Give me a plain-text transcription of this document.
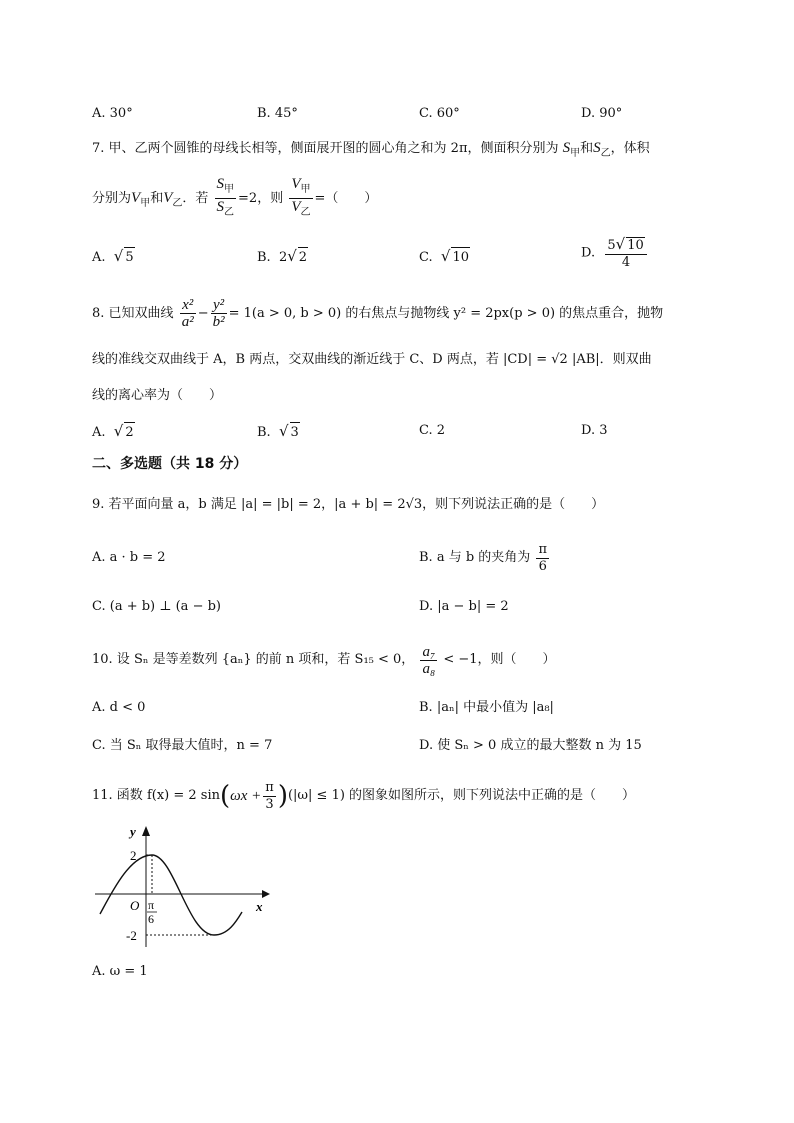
A. 30°	B. 45°	C. 60°	D. 90°
7. 甲、乙两个圆锥的母线长相等，侧面展开图的圆心角之和为 2π，侧面积分别为 $S_甲$和$S_乙$，体积
分别为$V_甲$和$V_乙$．若 $\frac{S_甲}{S_乙} =2$，则 $\frac{V_甲}{V_乙}$ =（　　）
A. √ 5	B. 2√ 2	C. √ 10	D. $\frac{5√ 10}{4}$
8. 已知双曲线 $\frac{\text{x²}}{\text{a²}} - \frac{\text{y²}}{\text{b²}} = 1(a > 0$, b > 0) 的右焦点与抛物线 y² = 2px(p > 0) 的焦点重合，抛物
线的准线交双曲线于 A，B 两点，交双曲线的渐近线于 C、D 两点，若 |CD| = √2 |AB|．则双曲
线的离心率为（　　）
A. √ 2	B. √ 3	C. 2	D. 3
二、多选题（共 18 分）
9. 若平面向量 a，b 满足 |a| = |b| = 2，|a + b| = 2√3，则下列说法正确的是（　　）
A. a · b = 2	B. a 与 b 的夹角为 $\frac{\pi}{6}$
C. (a + b) ⊥ (a − b)	D. |a − b| = 2
10. 设 Sₙ 是等差数列 {aₙ} 的前 n 项和，若 S₁₅ < 0， $\frac{\text{a₇}}{\text{a₈}} < -1$，则（　　）
A. d < 0	B. |aₙ| 中最小值为 |a₈|
C. 当 Sₙ 取得最大值时，n = 7	D. 使 Sₙ > 0 成立的最大整数 n 为 15
11. 函数 f(x) = 2 $\sin(\omega x + \frac{\pi}{3} )(|\omega| \le 1)$ 的图象如图所示，则下列说法中正确的是（　　）
y
x
O
2
-2
π
6
A. ω = 1
